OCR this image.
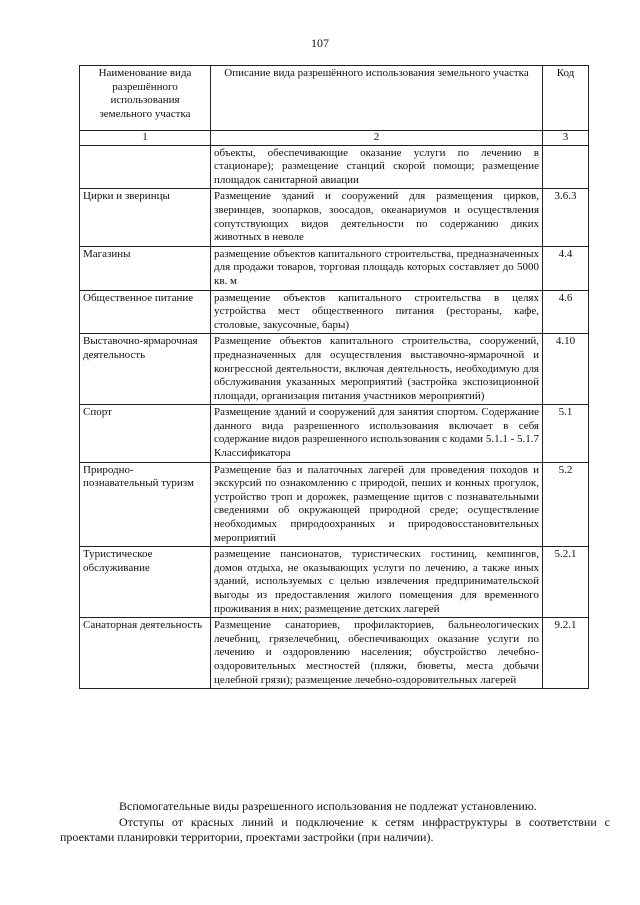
107
Наименование вида разрешённого использования земельного участка	Описание вида разрешённого использования земельного участка	Код
1	2	3
	объекты, обеспечивающие оказание услуги по лечению в стационаре); размещение станций скорой помощи; размещение площадок санитарной авиации	
Цирки и зверинцы	Размещение зданий и сооружений для размещения цирков, зверинцев, зоопарков, зоосадов, океанариумов и осуществления сопутствующих видов деятельности по содержанию диких животных в неволе	3.6.3
Магазины	размещение объектов капитального строительства, предназначенных для продажи товаров, торговая площадь которых составляет до 5000 кв. м	4.4
Общественное питание	размещение объектов капитального строительства в целях устройства мест общественного питания (рестораны, кафе, столовые, закусочные, бары)	4.6
Выставочно-ярмарочная деятельность	Размещение объектов капитального строительства, сооружений, предназначенных для осуществления выставочно-ярмарочной и конгрессной деятельности, включая деятельность, необходимую для обслуживания указанных мероприятий (застройка экспозиционной площади, организация питания участников мероприятий)	4.10
Спорт	Размещение зданий и сооружений для занятия спортом. Содержание данного вида разрешенного использования включает в себя содержание видов разрешенного использования с кодами 5.1.1 - 5.1.7 Классификатора	5.1
Природно-познавательный туризм	Размещение баз и палаточных лагерей для проведения походов и экскурсий по ознакомлению с природой, пеших и конных прогулок, устройство троп и дорожек, размещение щитов с познавательными сведениями об окружающей природной среде; осуществление необходимых природоохранных и природовосстановительных мероприятий	5.2
Туристическое обслуживание	размещение пансионатов, туристических гостиниц, кемпингов, домов отдыха, не оказывающих услуги по лечению, а также иных зданий, используемых с целью извлечения предпринимательской выгоды из предоставления жилого помещения для временного проживания в них; размещение детских лагерей	5.2.1
Санаторная деятельность	Размещение санаториев, профилакториев, бальнеологических лечебниц, грязелечебниц, обеспечивающих оказание услуги по лечению и оздоровлению населения; обустройство лечебно-оздоровительных местностей (пляжи, бюветы, места добычи целебной грязи); размещение лечебно-оздоровительных лагерей	9.2.1

Вспомогательные виды разрешенного использования не подлежат установлению.

Отступы от красных линий и подключение к сетям инфраструктуры в соответствии с проектами планировки территории, проектами застройки (при наличии).
